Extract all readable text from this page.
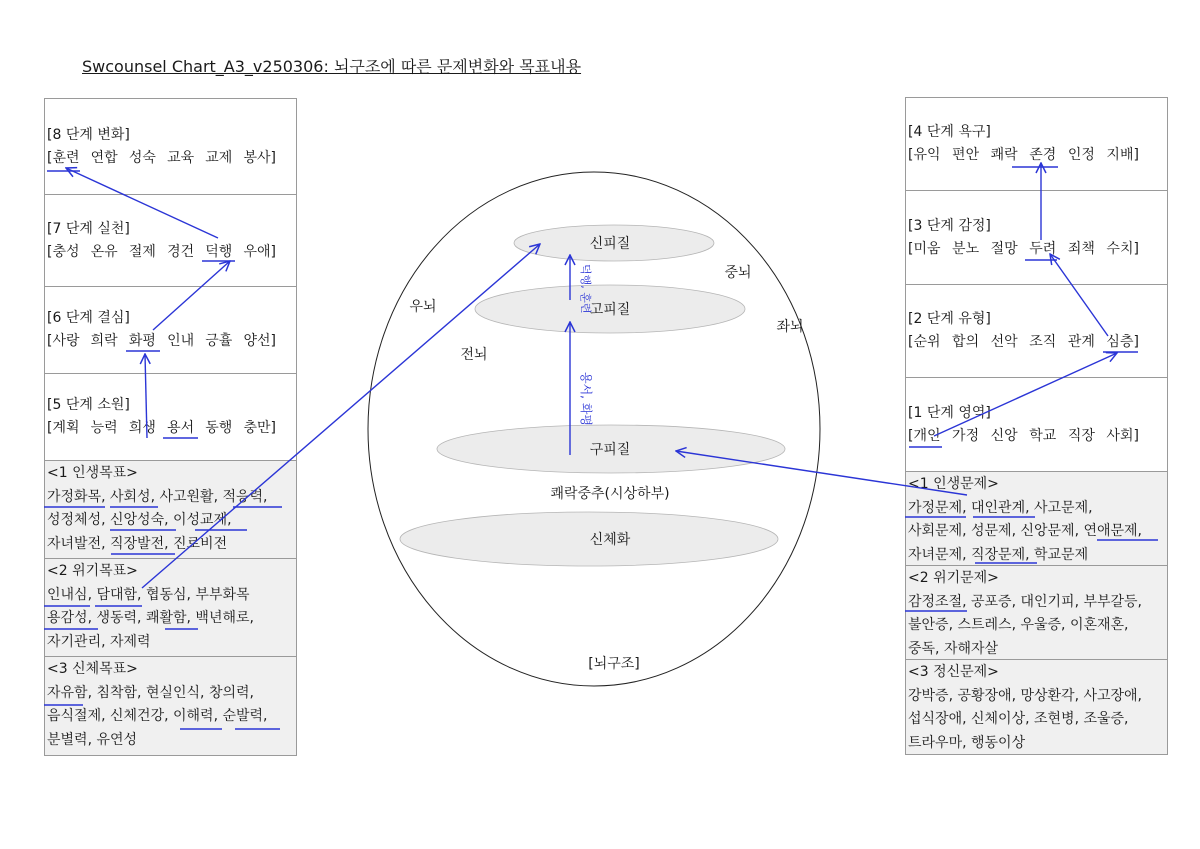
Swcounsel Chart_A3_v250306: 뇌구조에 따른 문제변화와 목표내용
[8 단계 변화]
[훈련 연합 성숙 교육 교제 봉사]
[7 단계 실천]
[충성 온유 절제 경건 덕행 우애]
[6 단계 결심]
[사랑 희락 화평 인내 긍휼 양선]
[5 단계 소원]
[계획 능력 희생 용서 동행 충만]
<1 인생목표>
가정화목, 사회성, 사고원활, 적응력,
성정체성, 신앙성숙, 이성교제,
자녀발전, 직장발전, 진로비전
<2 위기목표>
인내심, 담대함, 협동심, 부부화목
용감성, 생동력, 쾌활함, 백년해로,
자기관리, 자제력
<3 신체목표>
자유함, 침착함, 현실인식, 창의력,
음식절제, 신체건강, 이해력, 순발력,
분별력, 유연성
[4 단계 욕구]
[유익 편안 쾌락 존경 인정 지배]
[3 단계 감정]
[미움 분노 절망 두려 죄책 수치]
[2 단계 유형]
[순위 합의 선악 조직 관계 심층]
[1 단계 영역]
[개인 가정 신앙 학교 직장 사회]
<1 인생문제>
가정문제, 대인관계, 사고문제,
사회문제, 성문제, 신앙문제, 연애문제,
자녀문제, 직장문제, 학교문제
<2 위기문제>
감정조절, 공포증, 대인기피, 부부갈등,
불안증, 스트레스, 우울증, 이혼재혼,
중독, 자해자살
<3 정신문제>
강박증, 공황장애, 망상환각, 사고장애,
섭식장애, 신체이상, 조현병, 조울증,
트라우마, 행동이상
신피질
고피질
구피질
쾌락중추(시상하부)
신체화
우뇌
중뇌
좌뇌
전뇌
[뇌구조]
덕행, 훈련
용서, 화평
